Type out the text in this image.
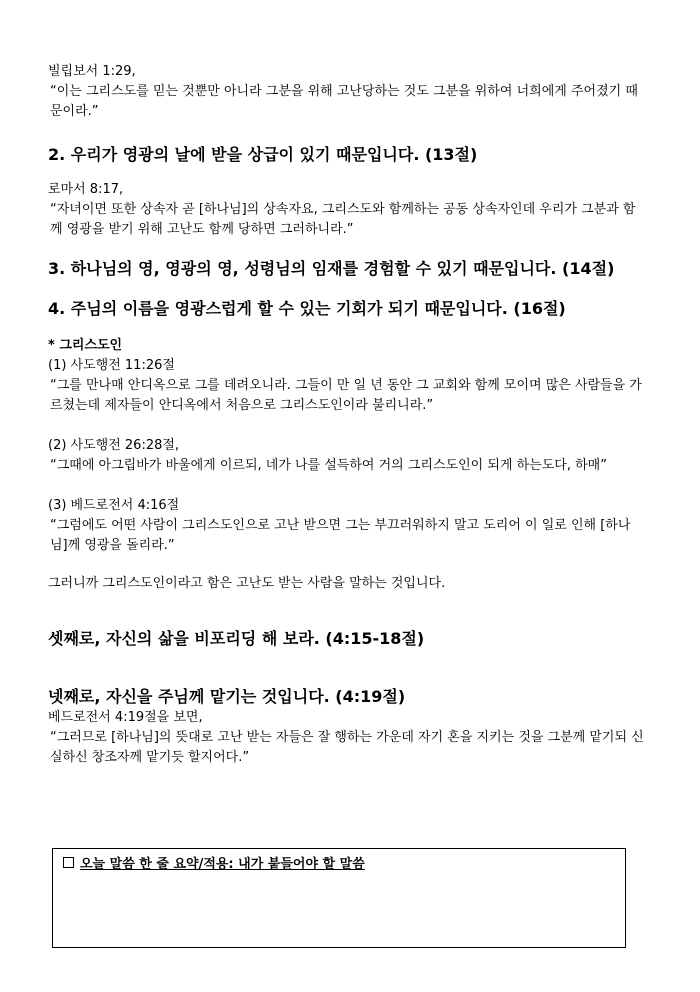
빌립보서 1:29,

“이는 그리스도를 믿는 것뿐만 아니라 그분을 위해 고난당하는 것도 그분을 위하여 너희에게 주어졌기 때문이라.”

2. 우리가 영광의 날에 받을 상급이 있기 때문입니다. (13절)

로마서 8:17,

“자녀이면 또한 상속자 곧 [하나님]의 상속자요, 그리스도와 함께하는 공동 상속자인데 우리가 그분과 함께 영광을 받기 위해 고난도 함께 당하면 그러하니라.”

3. 하나님의 영, 영광의 영, 성령님의 임재를 경험할 수 있기 때문입니다. (14절)

4. 주님의 이름을 영광스럽게 할 수 있는 기회가 되기 때문입니다. (16절)

* 그리스도인

(1) 사도행전 11:26절

“그를 만나매 안디옥으로 그를 데려오니라. 그들이 만 일 년 동안 그 교회와 함께 모이며 많은 사람들을 가르쳤는데 제자들이 안디옥에서 처음으로 그리스도인이라 불리니라.”

(2) 사도행전 26:28절,

“그때에 아그립바가 바울에게 이르되, 네가 나를 설득하여 거의 그리스도인이 되게 하는도다, 하매”

(3) 베드로전서 4:16절

“그럼에도 어떤 사람이 그리스도인으로 고난 받으면 그는 부끄러워하지 말고 도리어 이 일로 인해 [하나님]께 영광을 돌리라.”

그러니까 그리스도인이라고 함은 고난도 받는 사람을 말하는 것입니다.

셋째로, 자신의 삶을 비포리딩 해 보라. (4:15-18절)

넷째로, 자신을 주님께 맡기는 것입니다. (4:19절)

베드로전서 4:19절을 보면,

“그러므로 [하나님]의 뜻대로 고난 받는 자들은 잘 행하는 가운데 자기 혼을 지키는 것을 그분께 맡기되 신실하신 창조자께 맡기듯 할지어다.”

오늘 말씀 한 줄 요약/적용: 내가 붙들어야 할 말씀
